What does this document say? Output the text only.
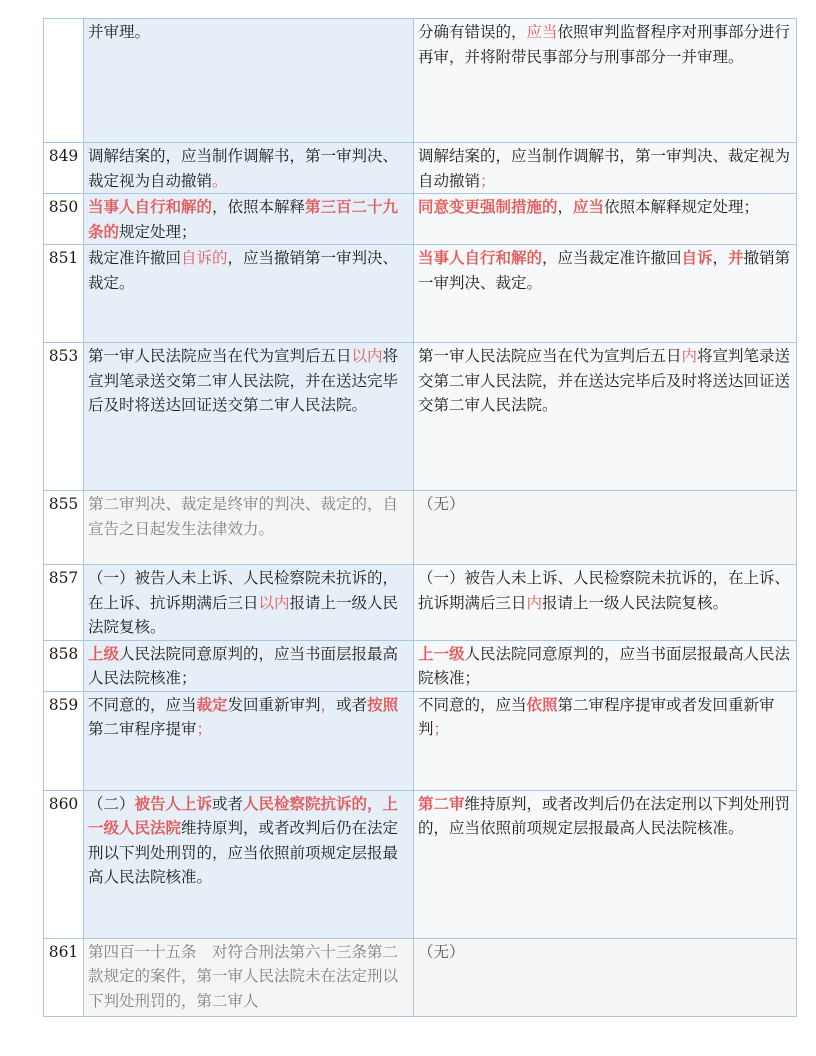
	并审理。	分确有错误的，应当依照审判监督程序对刑事部分进行再审，并将附带民事部分与刑事部分一并审理。
849	调解结案的，应当制作调解书，第一审判决、裁定视为自动撤销。	调解结案的，应当制作调解书，第一审判决、裁定视为自动撤销；
850	当事人自行和解的，依照本解释第三百二十九条的规定处理；	同意变更强制措施的，应当依照本解释规定处理；
851	裁定准许撤回自诉的，应当撤销第一审判决、裁定。	当事人自行和解的，应当裁定准许撤回自诉，并撤销第一审判决、裁定。
853	第一审人民法院应当在代为宣判后五日以内将宣判笔录送交第二审人民法院，并在送达完毕后及时将送达回证送交第二审人民法院。	第一审人民法院应当在代为宣判后五日内将宣判笔录送交第二审人民法院，并在送达完毕后及时将送达回证送交第二审人民法院。
855	第二审判决、裁定是终审的判决、裁定的，自宣告之日起发生法律效力。	（无）
857	（一）被告人未上诉、人民检察院未抗诉的，在上诉、抗诉期满后三日以内报请上一级人民法院复核。	（一）被告人未上诉、人民检察院未抗诉的，在上诉、抗诉期满后三日内报请上一级人民法院复核。
858	上级人民法院同意原判的，应当书面层报最高人民法院核准；	上一级人民法院同意原判的，应当书面层报最高人民法院核准；
859	不同意的，应当裁定发回重新审判，或者按照第二审程序提审；	不同意的，应当依照第二审程序提审或者发回重新审判；
860	（二）被告人上诉或者人民检察院抗诉的，上一级人民法院维持原判，或者改判后仍在法定刑以下判处刑罚的，应当依照前项规定层报最高人民法院核准。	第二审维持原判，或者改判后仍在法定刑以下判处刑罚的，应当依照前项规定层报最高人民法院核准。
861	第四百一十五条　对符合刑法第六十三条第二款规定的案件，第一审人民法院未在法定刑以下判处刑罚的，第二审人	（无）
